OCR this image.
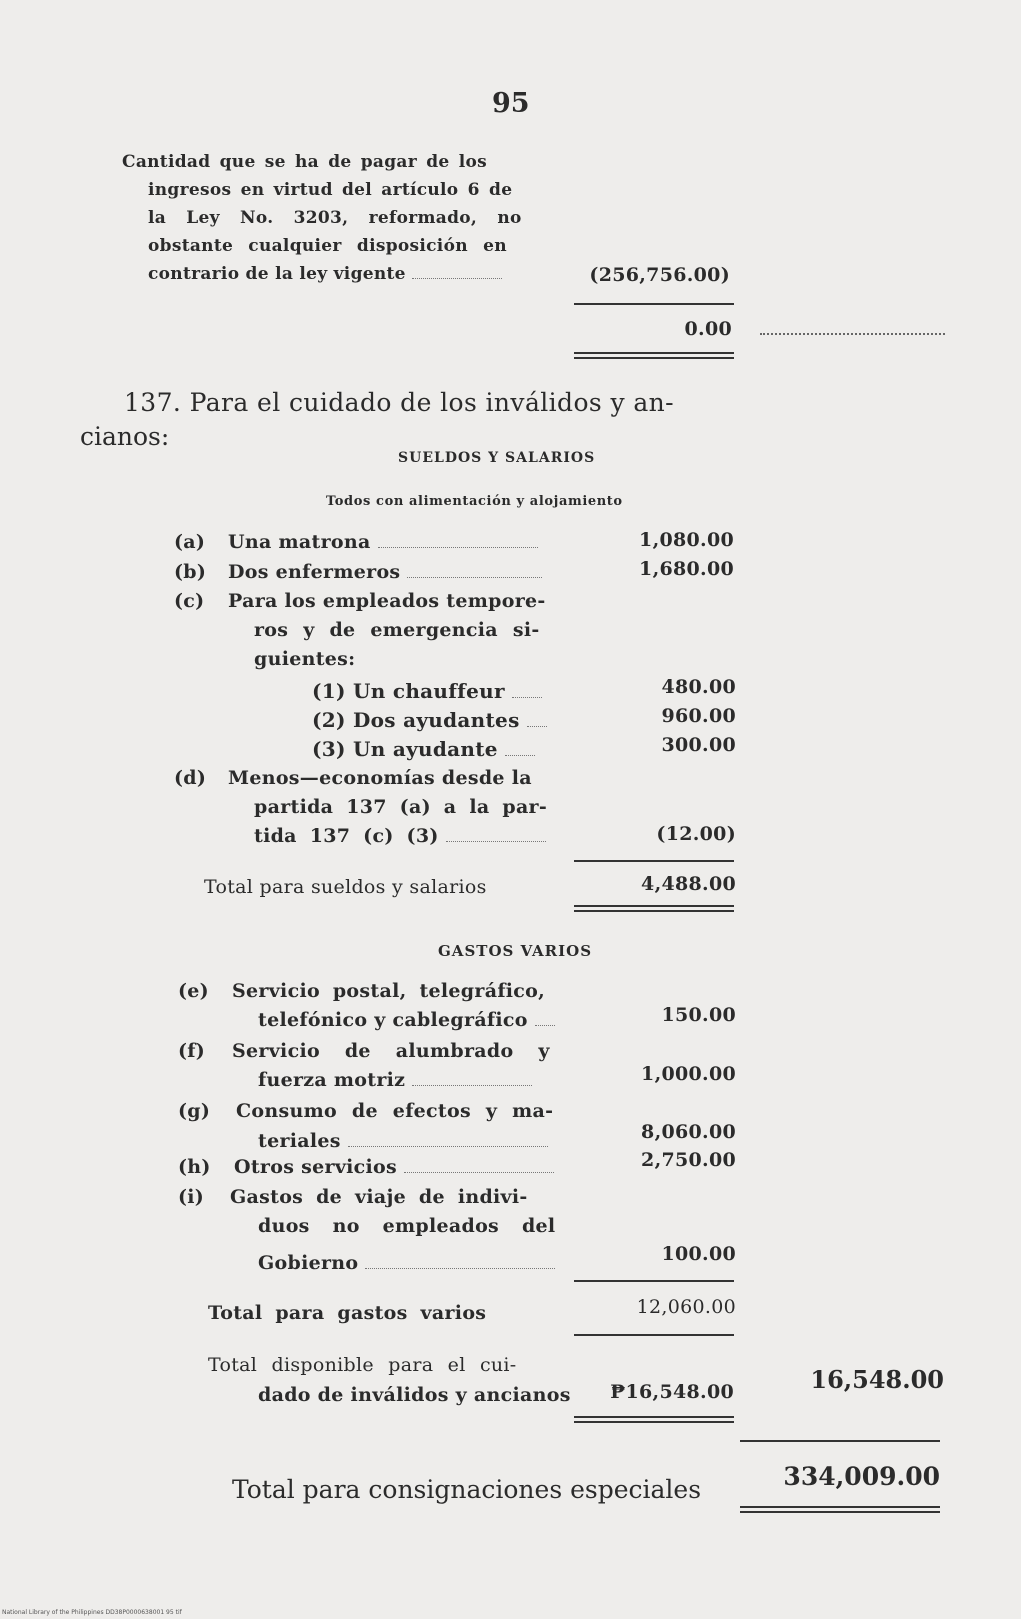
95
Cantidad que se ha de pagar de los
ingresos en virtud del artículo 6 de
la Ley No. 3203, reformado, no
obstante cualquier disposición en
contrario de la ley vigente	(256,756.00)
0.00
137. Para el cuidado de los inválidos y an-
cianos:
SUELDOS Y SALARIOS
Todos con alimentación y alojamiento
(a) Una matrona	1,080.00
(b) Dos enfermeros	1,680.00
(c) Para los empleados tempore-
ros y de emergencia si-
guientes:
(1) Un chauffeur	480.00
(2) Dos ayudantes	960.00
(3) Un ayudante	300.00
(d) Menos—economías desde la
partida 137 (a) a la par-
tida 137 (c) (3)	(12.00)
Total para sueldos y salarios	4,488.00
GASTOS VARIOS
(e) Servicio postal, telegráfico,
telefónico y cablegráfico	150.00
(f) Servicio de alumbrado y
fuerza motriz	1,000.00
(g) Consumo de efectos y ma-
teriales	8,060.00
(h) Otros servicios	2,750.00
(i) Gastos de viaje de indivi-
duos no empleados del
Gobierno	100.00
Total para gastos varios	12,060.00
Total disponible para el cui-
dado de inválidos y ancianos	₱16,548.00	16,548.00
Total para consignaciones especiales	334,009.00
National Library of the Philippines DD38P0000638001 95 tif
